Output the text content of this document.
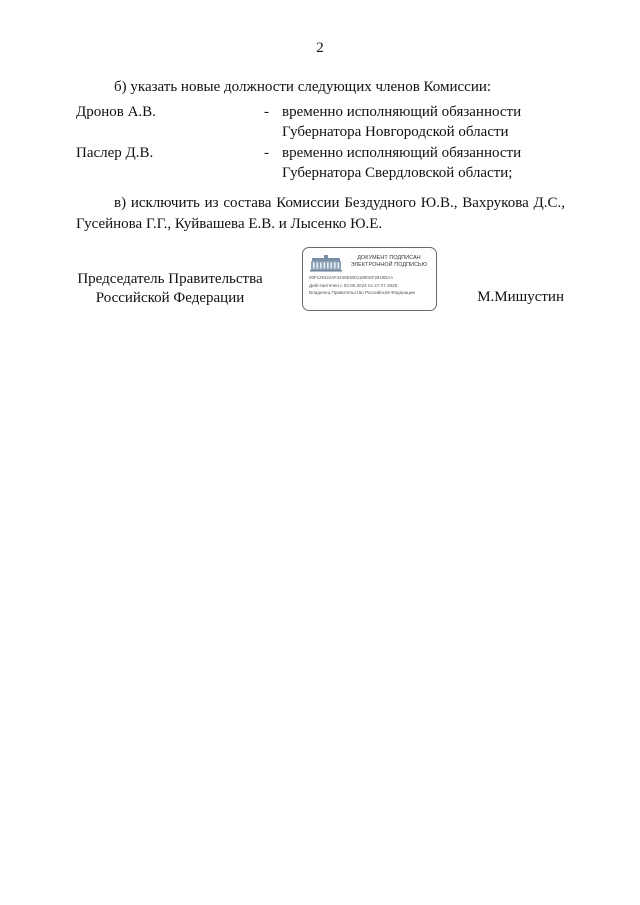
2
б) указать новые должности следующих членов Комиссии:
Дронов А.В.	- временно исполняющий обязанности
Губернатора Новгородской области
Паслер Д.В.	- временно исполняющий обязанности
Губернатора Свердловской области;
в) исключить из состава Комиссии Бездудного Ю.В., Вахрукова Д.С., Гусейнова Г.Г., Куйвашева Е.В. и Лысенко Ю.Е.
Председатель Правительства
Российской Федерации
ДОКУМЕНТ ПОДПИСАН
ЭЛЕКТРОННОЙ ПОДПИСЬЮ
00F129424AF4249E50011890SF2818DAA
Действителен с 03.05.2024 по 27.07.2025
Владелец Правительство Российской Федерации	М.Мишустин
